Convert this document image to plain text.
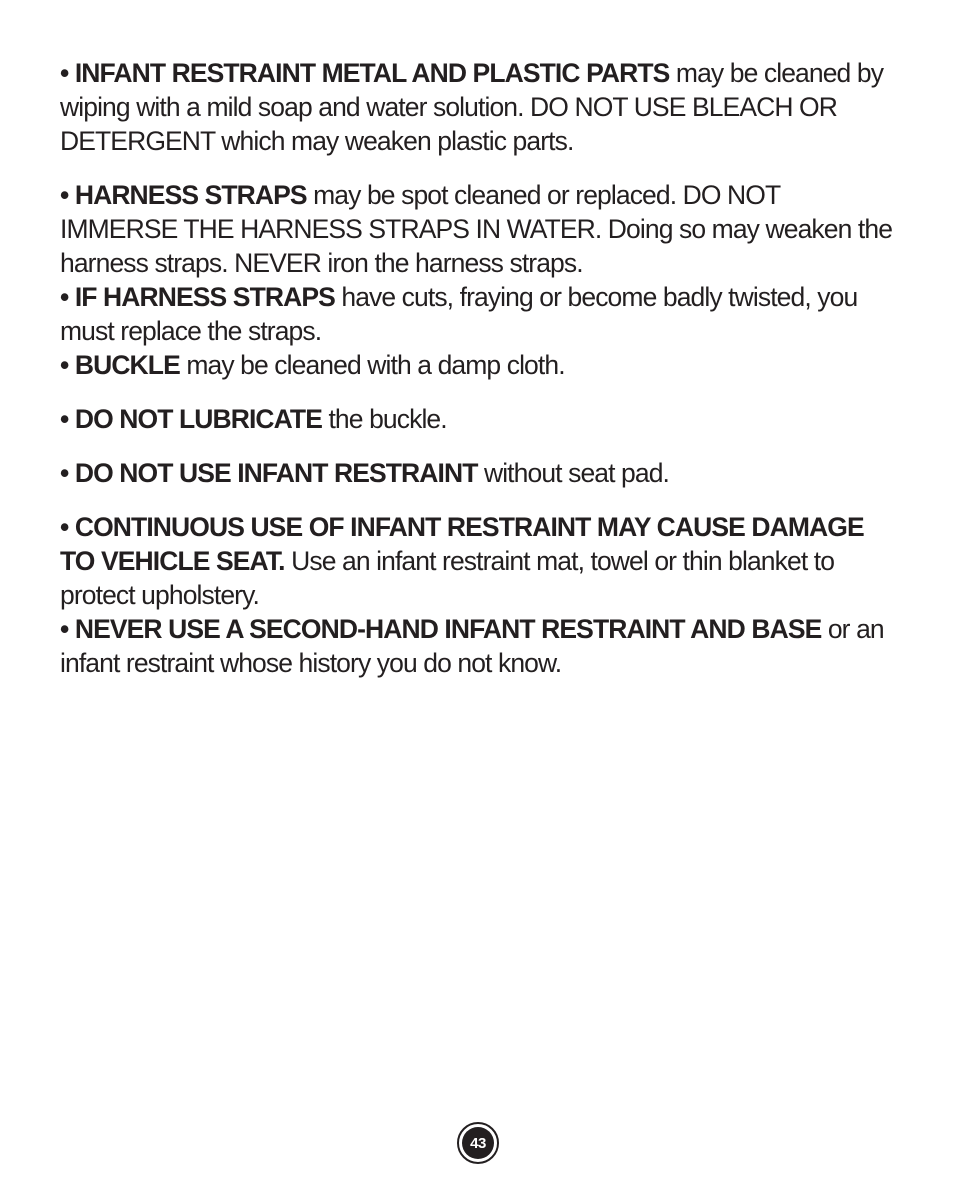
• INFANT RESTRAINT METAL AND PLASTIC PARTS may be cleaned by wiping with a mild soap and water solution. DO NOT USE BLEACH OR DETERGENT which may weaken plastic parts.

• HARNESS STRAPS may be spot cleaned or replaced. DO NOT IMMERSE THE HARNESS STRAPS IN WATER. Doing so may weaken the harness straps. NEVER iron the harness straps.

• IF HARNESS STRAPS have cuts, fraying or become badly twisted, you must replace the straps.

• BUCKLE may be cleaned with a damp cloth.

• DO NOT LUBRICATE the buckle.

• DO NOT USE INFANT RESTRAINT without seat pad.

• CONTINUOUS USE OF INFANT RESTRAINT MAY CAUSE DAMAGE TO VEHICLE SEAT. Use an infant restraint mat, towel or thin blanket to protect upholstery.

• NEVER USE A SECOND-HAND INFANT RESTRAINT AND BASE or an infant restraint whose history you do not know.

43
